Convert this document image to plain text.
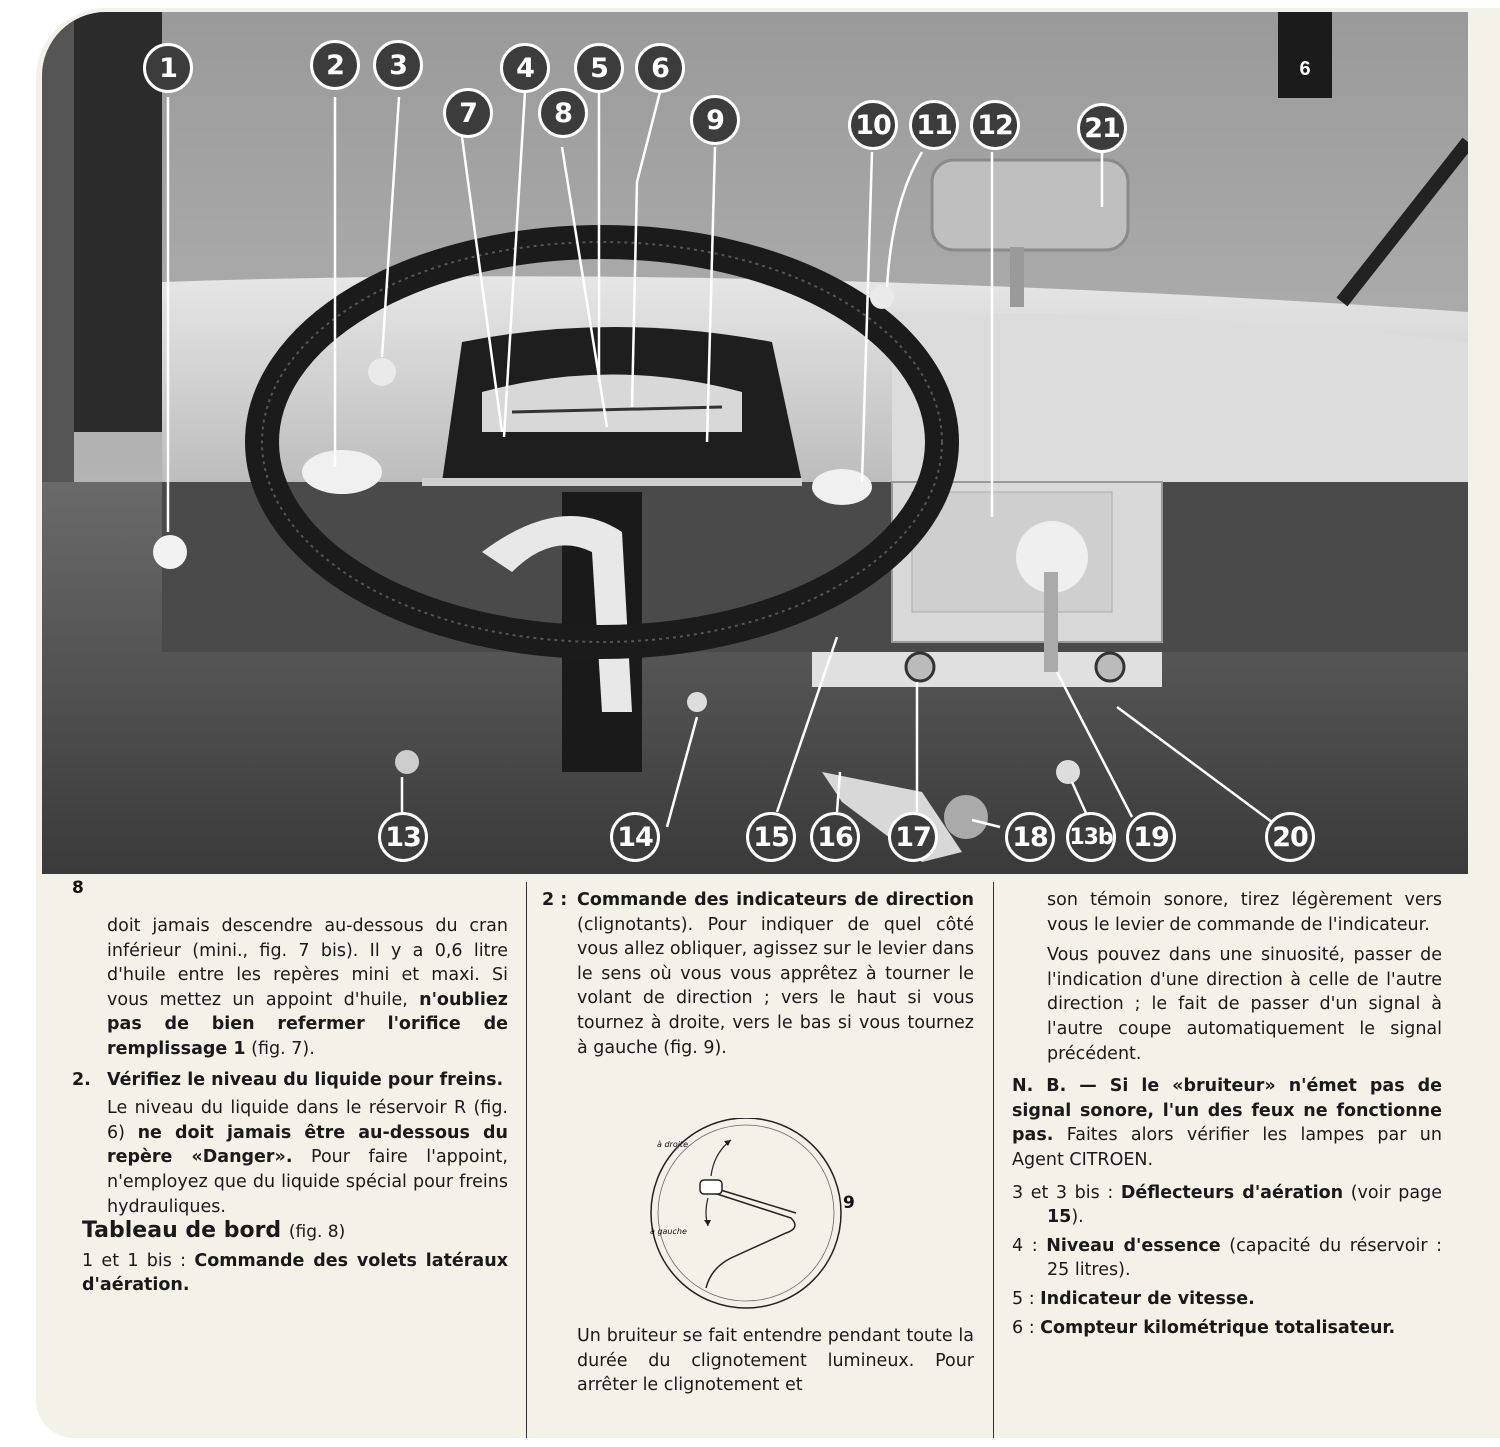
6
1	2	3	4	5	6
7	8	9	10 11 12	21
13	14	15 16 17	18 13b 19	20
8

doit jamais descendre au-dessous du cran inférieur (mini., fig. 7 bis). Il y a 0,6 litre d'huile entre les repères mini et maxi. Si vous mettez un appoint d'huile, n'oubliez pas de bien refermer l'orifice de remplissage 1 (fig. 7).

2. Vérifiez le niveau du liquide pour freins.

Le niveau du liquide dans le réservoir R (fig. 6) ne doit jamais être au-dessous du repère «Danger». Pour faire l'appoint, n'employez que du liquide spécial pour freins hydrauliques.

Tableau de bord (fig. 8)

1 et 1 bis : Commande des volets latéraux d'aération.

2 : Commande des indicateurs de direction (clignotants). Pour indiquer de quel côté vous allez obliquer, agissez sur le levier dans le sens où vous vous apprêtez à tourner le volant de direction ; vers le haut si vous tournez à droite, vers le bas si vous tournez à gauche (fig. 9).

Un bruiteur se fait entendre pendant toute la durée du clignotement lumineux. Pour arrêter le clignotement et

son témoin sonore, tirez légèrement vers vous le levier de commande de l'indicateur.

Vous pouvez dans une sinuosité, passer de l'indication d'une direction à celle de l'autre direction ; le fait de passer d'un signal à l'autre coupe automatiquement le signal précédent.

N. B. — Si le «bruiteur» n'émet pas de signal sonore, l'un des feux ne fonctionne pas. Faites alors vérifier les lampes par un Agent CITROEN.

3 et 3 bis : Déflecteurs d'aération (voir page 15).

4 : Niveau d'essence (capacité du réservoir : 25 litres).

5 : Indicateur de vitesse.

6 : Compteur kilométrique totalisateur.

9
à droite
à gauche
